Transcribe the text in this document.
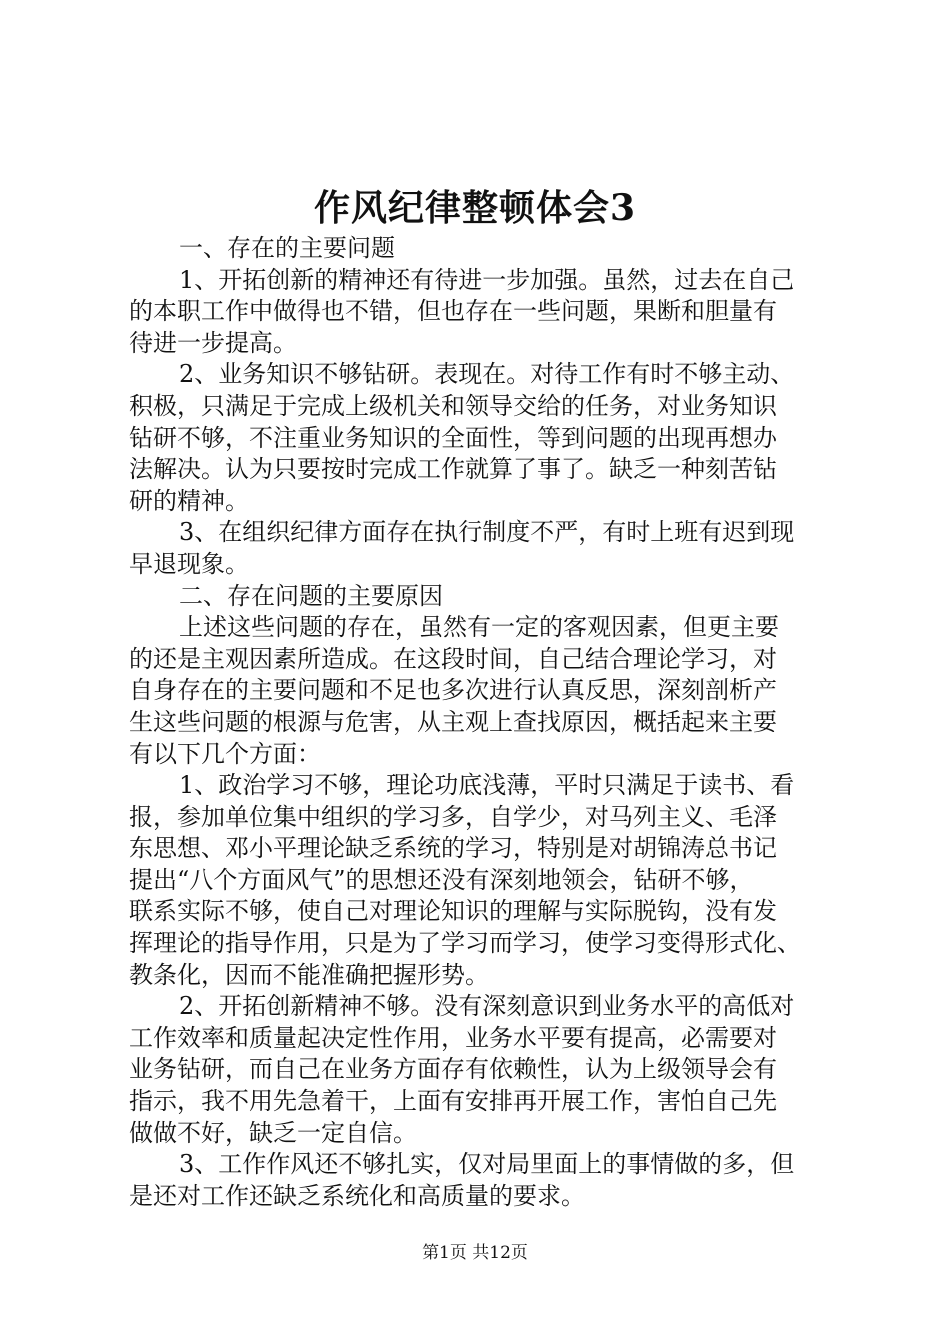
作风纪律整顿体会3
一、存在的主要问题
1、开拓创新的精神还有待进一步加强。虽然，过去在自己
的本职工作中做得也不错，但也存在一些问题，果断和胆量有
待进一步提高。
2、业务知识不够钻研。表现在。对待工作有时不够主动、
积极，只满足于完成上级机关和领导交给的任务，对业务知识
钻研不够，不注重业务知识的全面性，等到问题的出现再想办
法解决。认为只要按时完成工作就算了事了。缺乏一种刻苦钻
研的精神。
3、在组织纪律方面存在执行制度不严，有时上班有迟到现
早退现象。
二、存在问题的主要原因
上述这些问题的存在，虽然有一定的客观因素，但更主要
的还是主观因素所造成。在这段时间，自己结合理论学习，对
自身存在的主要问题和不足也多次进行认真反思，深刻剖析产
生这些问题的根源与危害，从主观上查找原因，概括起来主要
有以下几个方面：
1、政治学习不够，理论功底浅薄，平时只满足于读书、看
报，参加单位集中组织的学习多，自学少，对马列主义、毛泽
东思想、邓小平理论缺乏系统的学习，特别是对胡锦涛总书记
提出“八个方面风气”的思想还没有深刻地领会，钻研不够，
联系实际不够，使自己对理论知识的理解与实际脱钩，没有发
挥理论的指导作用，只是为了学习而学习，使学习变得形式化、
教条化，因而不能准确把握形势。
2、开拓创新精神不够。没有深刻意识到业务水平的高低对
工作效率和质量起决定性作用，业务水平要有提高，必需要对
业务钻研，而自己在业务方面存有依赖性，认为上级领导会有
指示，我不用先急着干，上面有安排再开展工作，害怕自己先
做做不好，缺乏一定自信。
3、工作作风还不够扎实，仅对局里面上的事情做的多，但
是还对工作还缺乏系统化和高质量的要求。
第1页 共12页
